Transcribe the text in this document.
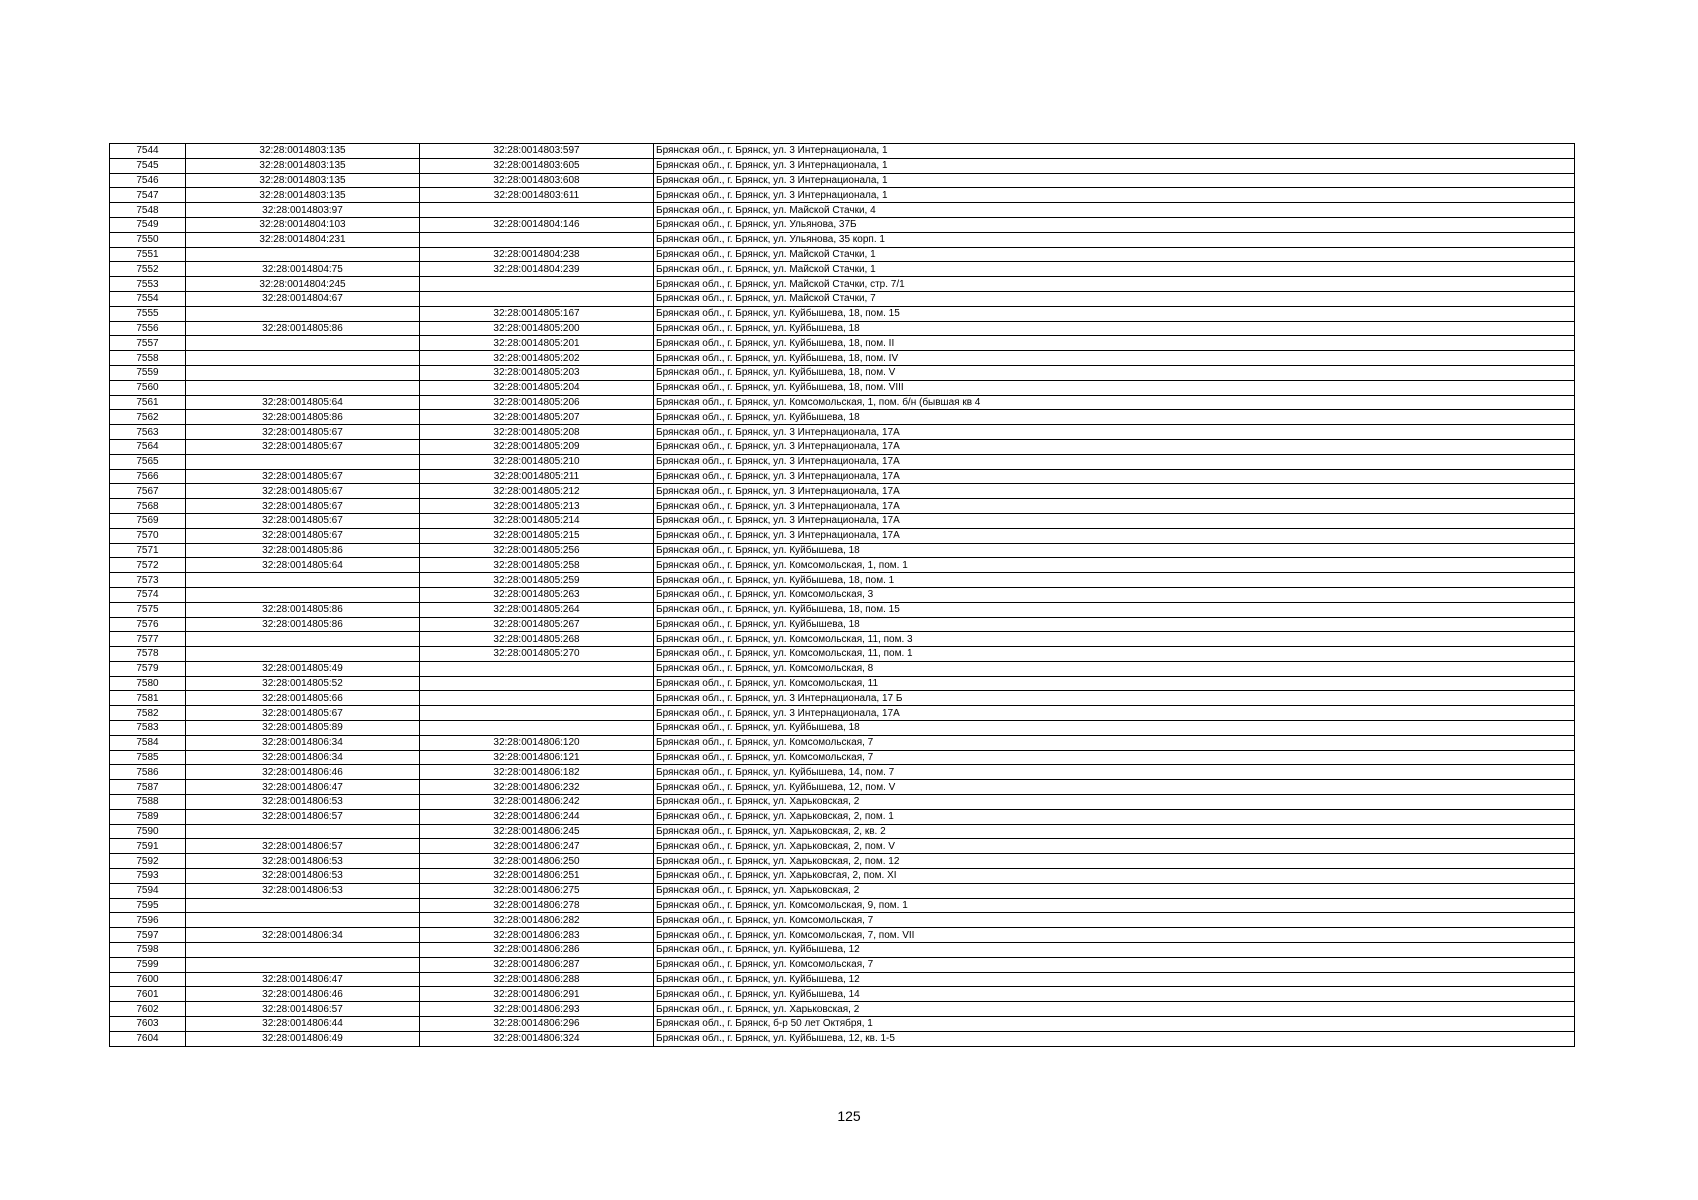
7544	32:28:0014803:135	32:28:0014803:597	Брянская обл., г. Брянск, ул. 3 Интернационала, 1
7545	32:28:0014803:135	32:28:0014803:605	Брянская обл., г. Брянск, ул. 3 Интернационала, 1
7546	32:28:0014803:135	32:28:0014803:608	Брянская обл., г. Брянск, ул. 3 Интернационала, 1
7547	32:28:0014803:135	32:28:0014803:611	Брянская обл., г. Брянск, ул. 3 Интернационала, 1
7548	32:28:0014803:97		Брянская обл., г. Брянск, ул. Майской Стачки, 4
7549	32:28:0014804:103	32:28:0014804:146	Брянская обл., г. Брянск, ул. Ульянова, 37Б
7550	32:28:0014804:231		Брянская обл., г. Брянск, ул. Ульянова, 35 корп. 1
7551		32:28:0014804:238	Брянская обл., г. Брянск, ул. Майской Стачки, 1
7552	32:28:0014804:75	32:28:0014804:239	Брянская обл., г. Брянск, ул. Майской Стачки, 1
7553	32:28:0014804:245		Брянская обл., г. Брянск, ул. Майской Стачки, стр. 7/1
7554	32:28:0014804:67		Брянская обл., г. Брянск, ул. Майской Стачки, 7
7555		32:28:0014805:167	Брянская обл., г. Брянск, ул. Куйбышева, 18, пом. 15
7556	32:28:0014805:86	32:28:0014805:200	Брянская обл., г. Брянск, ул. Куйбышева, 18
7557		32:28:0014805:201	Брянская обл., г. Брянск, ул. Куйбышева, 18, пом. II
7558		32:28:0014805:202	Брянская обл., г. Брянск, ул. Куйбышева, 18, пом. IV
7559		32:28:0014805:203	Брянская обл., г. Брянск, ул. Куйбышева, 18, пом. V
7560		32:28:0014805:204	Брянская обл., г. Брянск, ул. Куйбышева, 18, пом. VIII
7561	32:28:0014805:64	32:28:0014805:206	Брянская обл., г. Брянск, ул. Комсомольская, 1, пом. б/н (бывшая кв 4
7562	32:28:0014805:86	32:28:0014805:207	Брянская обл., г. Брянск, ул. Куйбышева, 18
7563	32:28:0014805:67	32:28:0014805:208	Брянская обл., г. Брянск, ул. 3 Интернационала, 17А
7564	32:28:0014805:67	32:28:0014805:209	Брянская обл., г. Брянск, ул. 3 Интернационала, 17А
7565		32:28:0014805:210	Брянская обл., г. Брянск, ул. 3 Интернационала, 17А
7566	32:28:0014805:67	32:28:0014805:211	Брянская обл., г. Брянск, ул. 3 Интернационала, 17А
7567	32:28:0014805:67	32:28:0014805:212	Брянская обл., г. Брянск, ул. 3 Интернационала, 17А
7568	32:28:0014805:67	32:28:0014805:213	Брянская обл., г. Брянск, ул. 3 Интернационала, 17А
7569	32:28:0014805:67	32:28:0014805:214	Брянская обл., г. Брянск, ул. 3 Интернационала, 17А
7570	32:28:0014805:67	32:28:0014805:215	Брянская обл., г. Брянск, ул. 3 Интернационала, 17А
7571	32:28:0014805:86	32:28:0014805:256	Брянская обл., г. Брянск, ул. Куйбышева, 18
7572	32:28:0014805:64	32:28:0014805:258	Брянская обл., г. Брянск, ул. Комсомольская, 1, пом. 1
7573		32:28:0014805:259	Брянская обл., г. Брянск, ул. Куйбышева, 18, пом. 1
7574		32:28:0014805:263	Брянская обл., г. Брянск, ул. Комсомольская, 3
7575	32:28:0014805:86	32:28:0014805:264	Брянская обл., г. Брянск, ул. Куйбышева, 18, пом. 15
7576	32:28:0014805:86	32:28:0014805:267	Брянская обл., г. Брянск, ул. Куйбышева, 18
7577		32:28:0014805:268	Брянская обл., г. Брянск, ул. Комсомольская, 11, пом. 3
7578		32:28:0014805:270	Брянская обл., г. Брянск, ул. Комсомольская, 11, пом. 1
7579	32:28:0014805:49		Брянская обл., г. Брянск, ул. Комсомольская, 8
7580	32:28:0014805:52		Брянская обл., г. Брянск, ул. Комсомольская, 11
7581	32:28:0014805:66		Брянская обл., г. Брянск, ул. 3 Интернационала, 17 Б
7582	32:28:0014805:67		Брянская обл., г. Брянск, ул. 3 Интернационала, 17А
7583	32:28:0014805:89		Брянская обл., г. Брянск, ул. Куйбышева, 18
7584	32:28:0014806:34	32:28:0014806:120	Брянская обл., г. Брянск, ул. Комсомольская, 7
7585	32:28:0014806:34	32:28:0014806:121	Брянская обл., г. Брянск, ул. Комсомольская, 7
7586	32:28:0014806:46	32:28:0014806:182	Брянская обл., г. Брянск, ул. Куйбышева, 14, пом. 7
7587	32:28:0014806:47	32:28:0014806:232	Брянская обл., г. Брянск, ул. Куйбышева, 12, пом. V
7588	32:28:0014806:53	32:28:0014806:242	Брянская обл., г. Брянск, ул. Харьковская, 2
7589	32:28:0014806:57	32:28:0014806:244	Брянская обл., г. Брянск, ул. Харьковская, 2, пом. 1
7590		32:28:0014806:245	Брянская обл., г. Брянск, ул. Харьковская, 2, кв. 2
7591	32:28:0014806:57	32:28:0014806:247	Брянская обл., г. Брянск, ул. Харьковская, 2, пом. V
7592	32:28:0014806:53	32:28:0014806:250	Брянская обл., г. Брянск, ул. Харьковская, 2, пом. 12
7593	32:28:0014806:53	32:28:0014806:251	Брянская обл., г. Брянск, ул. Харьковсгая, 2, пом. XI
7594	32:28:0014806:53	32:28:0014806:275	Брянская обл., г. Брянск, ул. Харьковская, 2
7595		32:28:0014806:278	Брянская обл., г. Брянск, ул. Комсомольская, 9, пом. 1
7596		32:28:0014806:282	Брянская обл., г. Брянск, ул. Комсомольская, 7
7597	32:28:0014806:34	32:28:0014806:283	Брянская обл., г. Брянск, ул. Комсомольская, 7, пом. VII
7598		32:28:0014806:286	Брянская обл., г. Брянск, ул. Куйбышева, 12
7599		32:28:0014806:287	Брянская обл., г. Брянск, ул. Комсомольская, 7
7600	32:28:0014806:47	32:28:0014806:288	Брянская обл., г. Брянск, ул. Куйбышева, 12
7601	32:28:0014806:46	32:28:0014806:291	Брянская обл., г. Брянск, ул. Куйбышева, 14
7602	32:28:0014806:57	32:28:0014806:293	Брянская обл., г. Брянск, ул. Харьковская, 2
7603	32:28:0014806:44	32:28:0014806:296	Брянская обл., г. Брянск, б-р 50 лет Октября, 1
7604	32:28:0014806:49	32:28:0014806:324	Брянская обл., г. Брянск, ул. Куйбышева, 12, кв. 1-5
125
